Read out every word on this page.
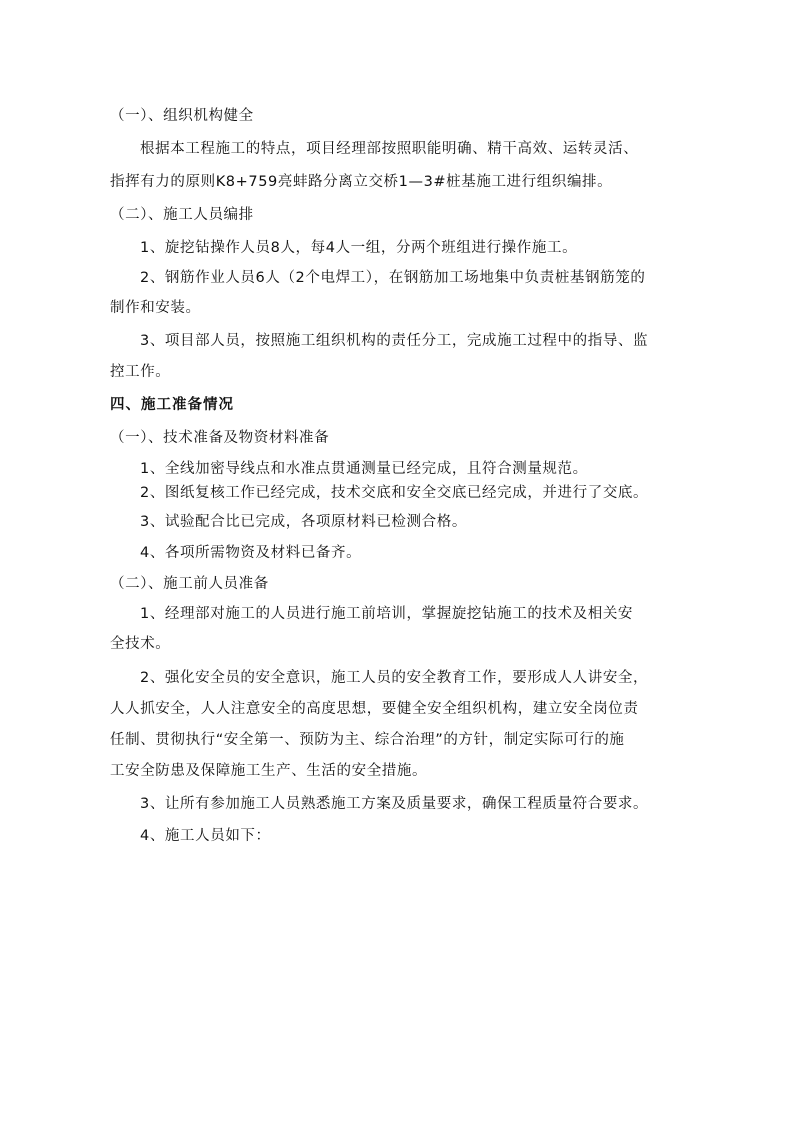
（一）、组织机构健全
根据本工程施工的特点，项目经理部按照职能明确、精干高效、运转灵活、
指挥有力的原则K8+759亮蚌路分离立交桥1—3#桩基施工进行组织编排。
（二）、施工人员编排
1、旋挖钻操作人员8人，每4人一组，分两个班组进行操作施工。
2、钢筋作业人员6人（2个电焊工），在钢筋加工场地集中负责桩基钢筋笼的
制作和安装。
3、项目部人员，按照施工组织机构的责任分工，完成施工过程中的指导、监
控工作。
四、施工准备情况
（一）、技术准备及物资材料准备
1、全线加密导线点和水准点贯通测量已经完成，且符合测量规范。
2、图纸复核工作已经完成，技术交底和安全交底已经完成，并进行了交底。
3、试验配合比已完成，各项原材料已检测合格。
4、各项所需物资及材料已备齐。
（二）、施工前人员准备
1、经理部对施工的人员进行施工前培训，掌握旋挖钻施工的技术及相关安
全技术。
2、强化安全员的安全意识，施工人员的安全教育工作，要形成人人讲安全，
人人抓安全，人人注意安全的高度思想，要健全安全组织机构，建立安全岗位责
任制、贯彻执行“安全第一、预防为主、综合治理”的方针，制定实际可行的施
工安全防患及保障施工生产、生活的安全措施。
3、让所有参加施工人员熟悉施工方案及质量要求，确保工程质量符合要求。
4、施工人员如下：
